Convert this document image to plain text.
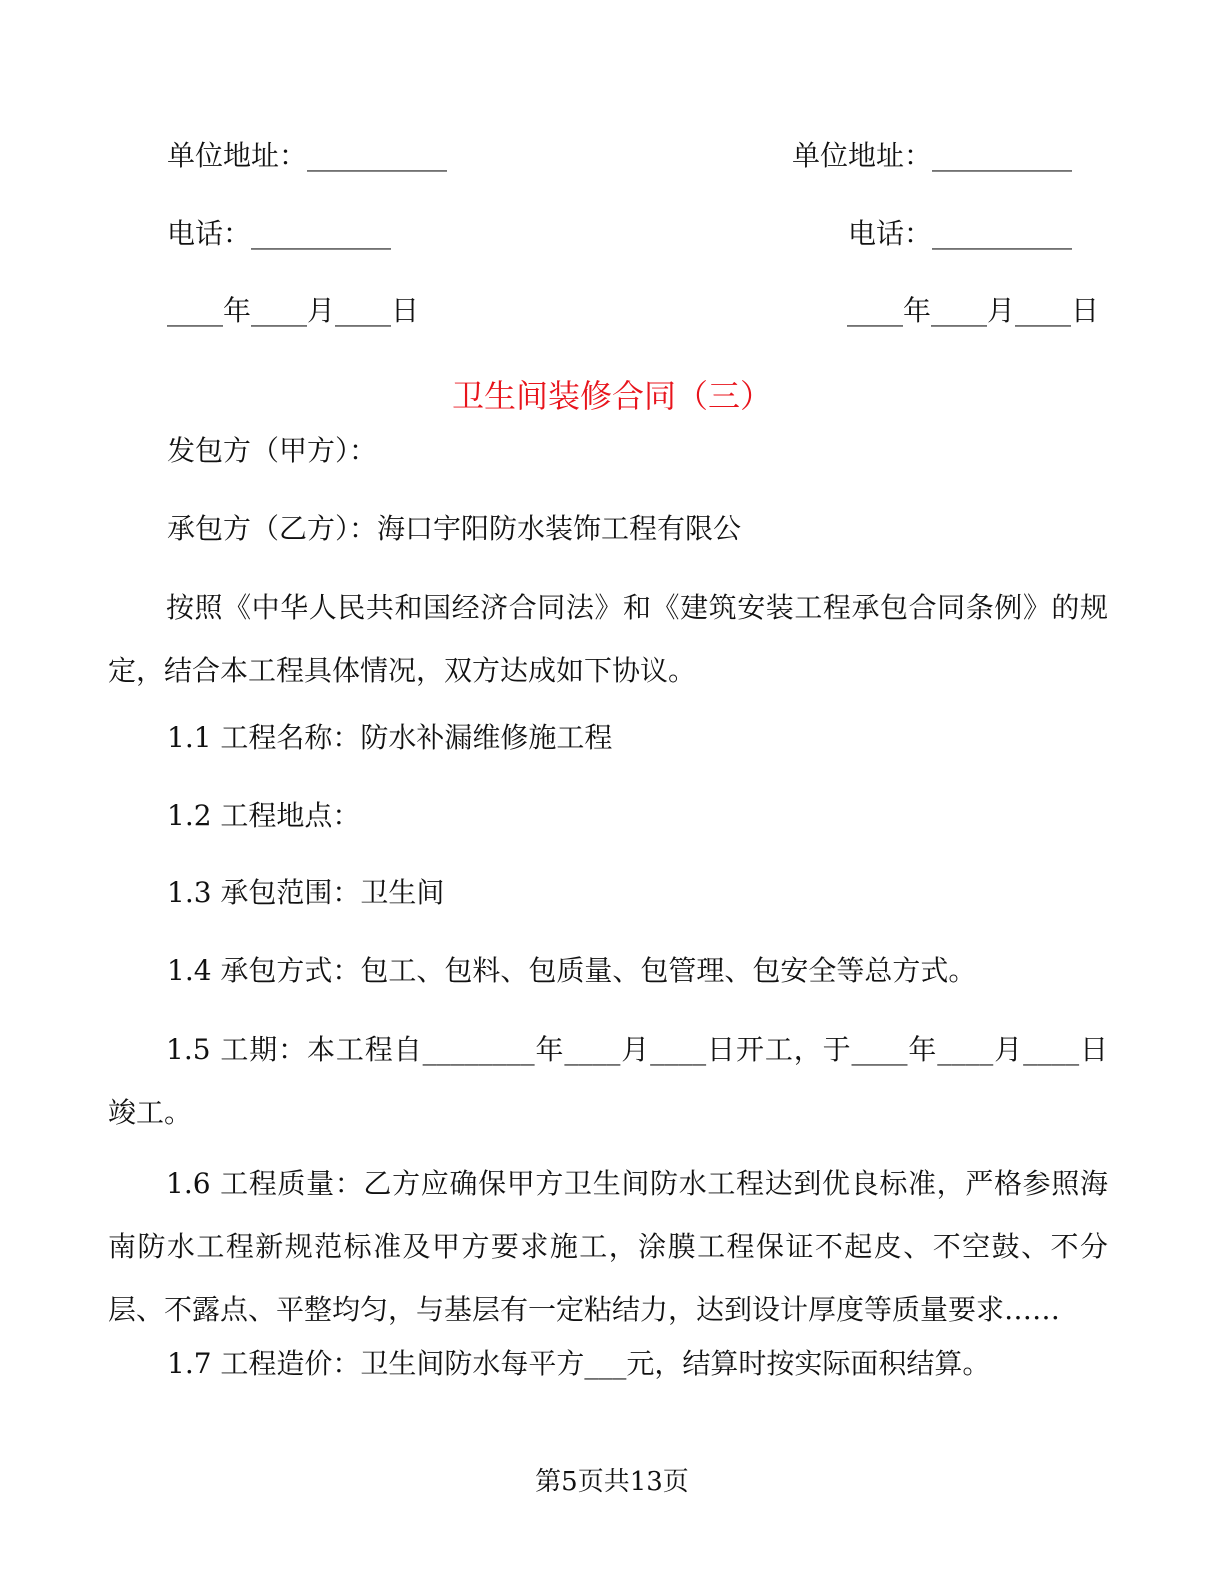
单位地址：__________	单位地址：__________
电话：__________	电话：__________
____年____月____日	____年____月____日
卫生间装修合同（三）
发包方（甲方）：
承包方（乙方）：海口宇阳防水装饰工程有限公
按照《中华人民共和国经济合同法》和《建筑安装工程承包合同条例》的规定，结合本工程具体情况，双方达成如下协议。
1.1 工程名称：防水补漏维修施工程
1.2 工程地点：
1.3 承包范围：卫生间
1.4 承包方式：包工、包料、包质量、包管理、包安全等总方式。
1.5 工期：本工程自________年____月____日开工，于____年____月____日竣工。
1.6 工程质量：乙方应确保甲方卫生间防水工程达到优良标准，严格参照海南防水工程新规范标准及甲方要求施工，涂膜工程保证不起皮、不空鼓、不分层、不露点、平整均匀，与基层有一定粘结力，达到设计厚度等质量要求……
1.7 工程造价：卫生间防水每平方___元，结算时按实际面积结算。
第5页共13页
